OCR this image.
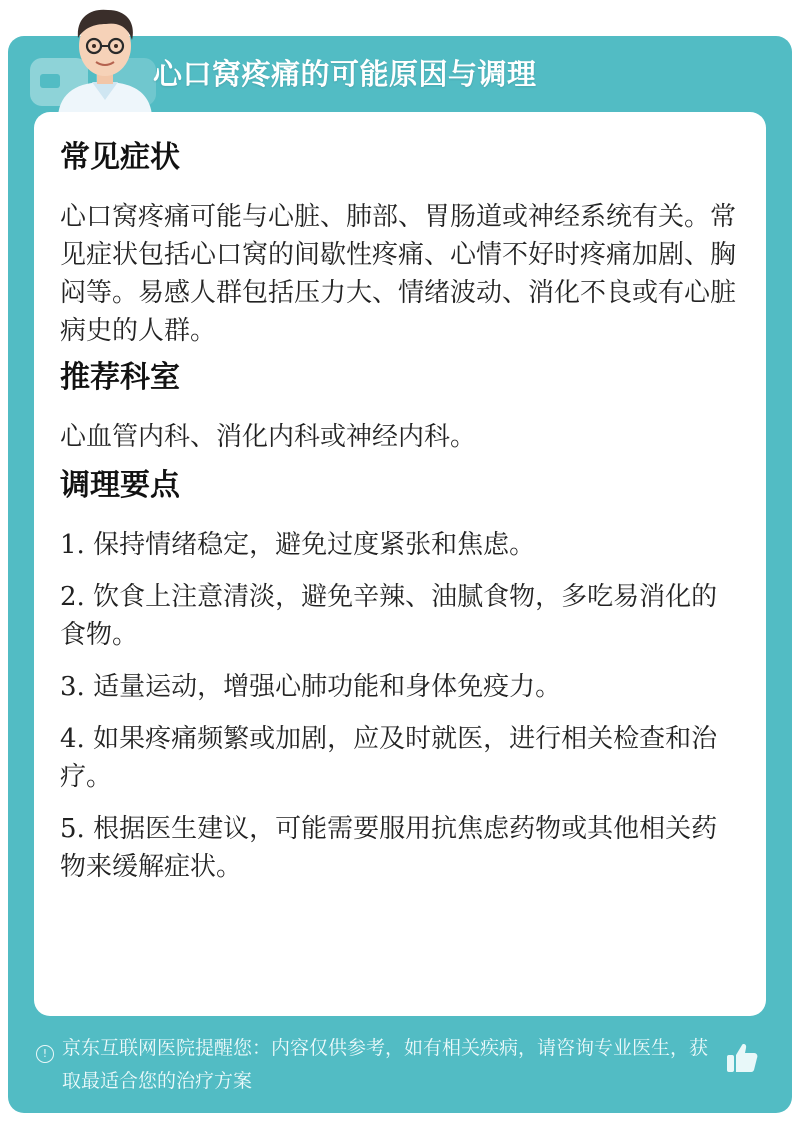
心口窝疼痛的可能原因与调理
常见症状
心口窝疼痛可能与心脏、肺部、胃肠道或神经系统有关。常见症状包括心口窝的间歇性疼痛、心情不好时疼痛加剧、胸闷等。易感人群包括压力大、情绪波动、消化不良或有心脏病史的人群。
推荐科室
心血管内科、消化内科或神经内科。
调理要点
1. 保持情绪稳定，避免过度紧张和焦虑。
2. 饮食上注意清淡，避免辛辣、油腻食物，多吃易消化的食物。
3. 适量运动，增强心肺功能和身体免疫力。
4. 如果疼痛频繁或加剧，应及时就医，进行相关检查和治疗。
5. 根据医生建议，可能需要服用抗焦虑药物或其他相关药物来缓解症状。
! 京东互联网医院提醒您：内容仅供参考，如有相关疾病，请咨询专业医生，获取最适合您的治疗方案
